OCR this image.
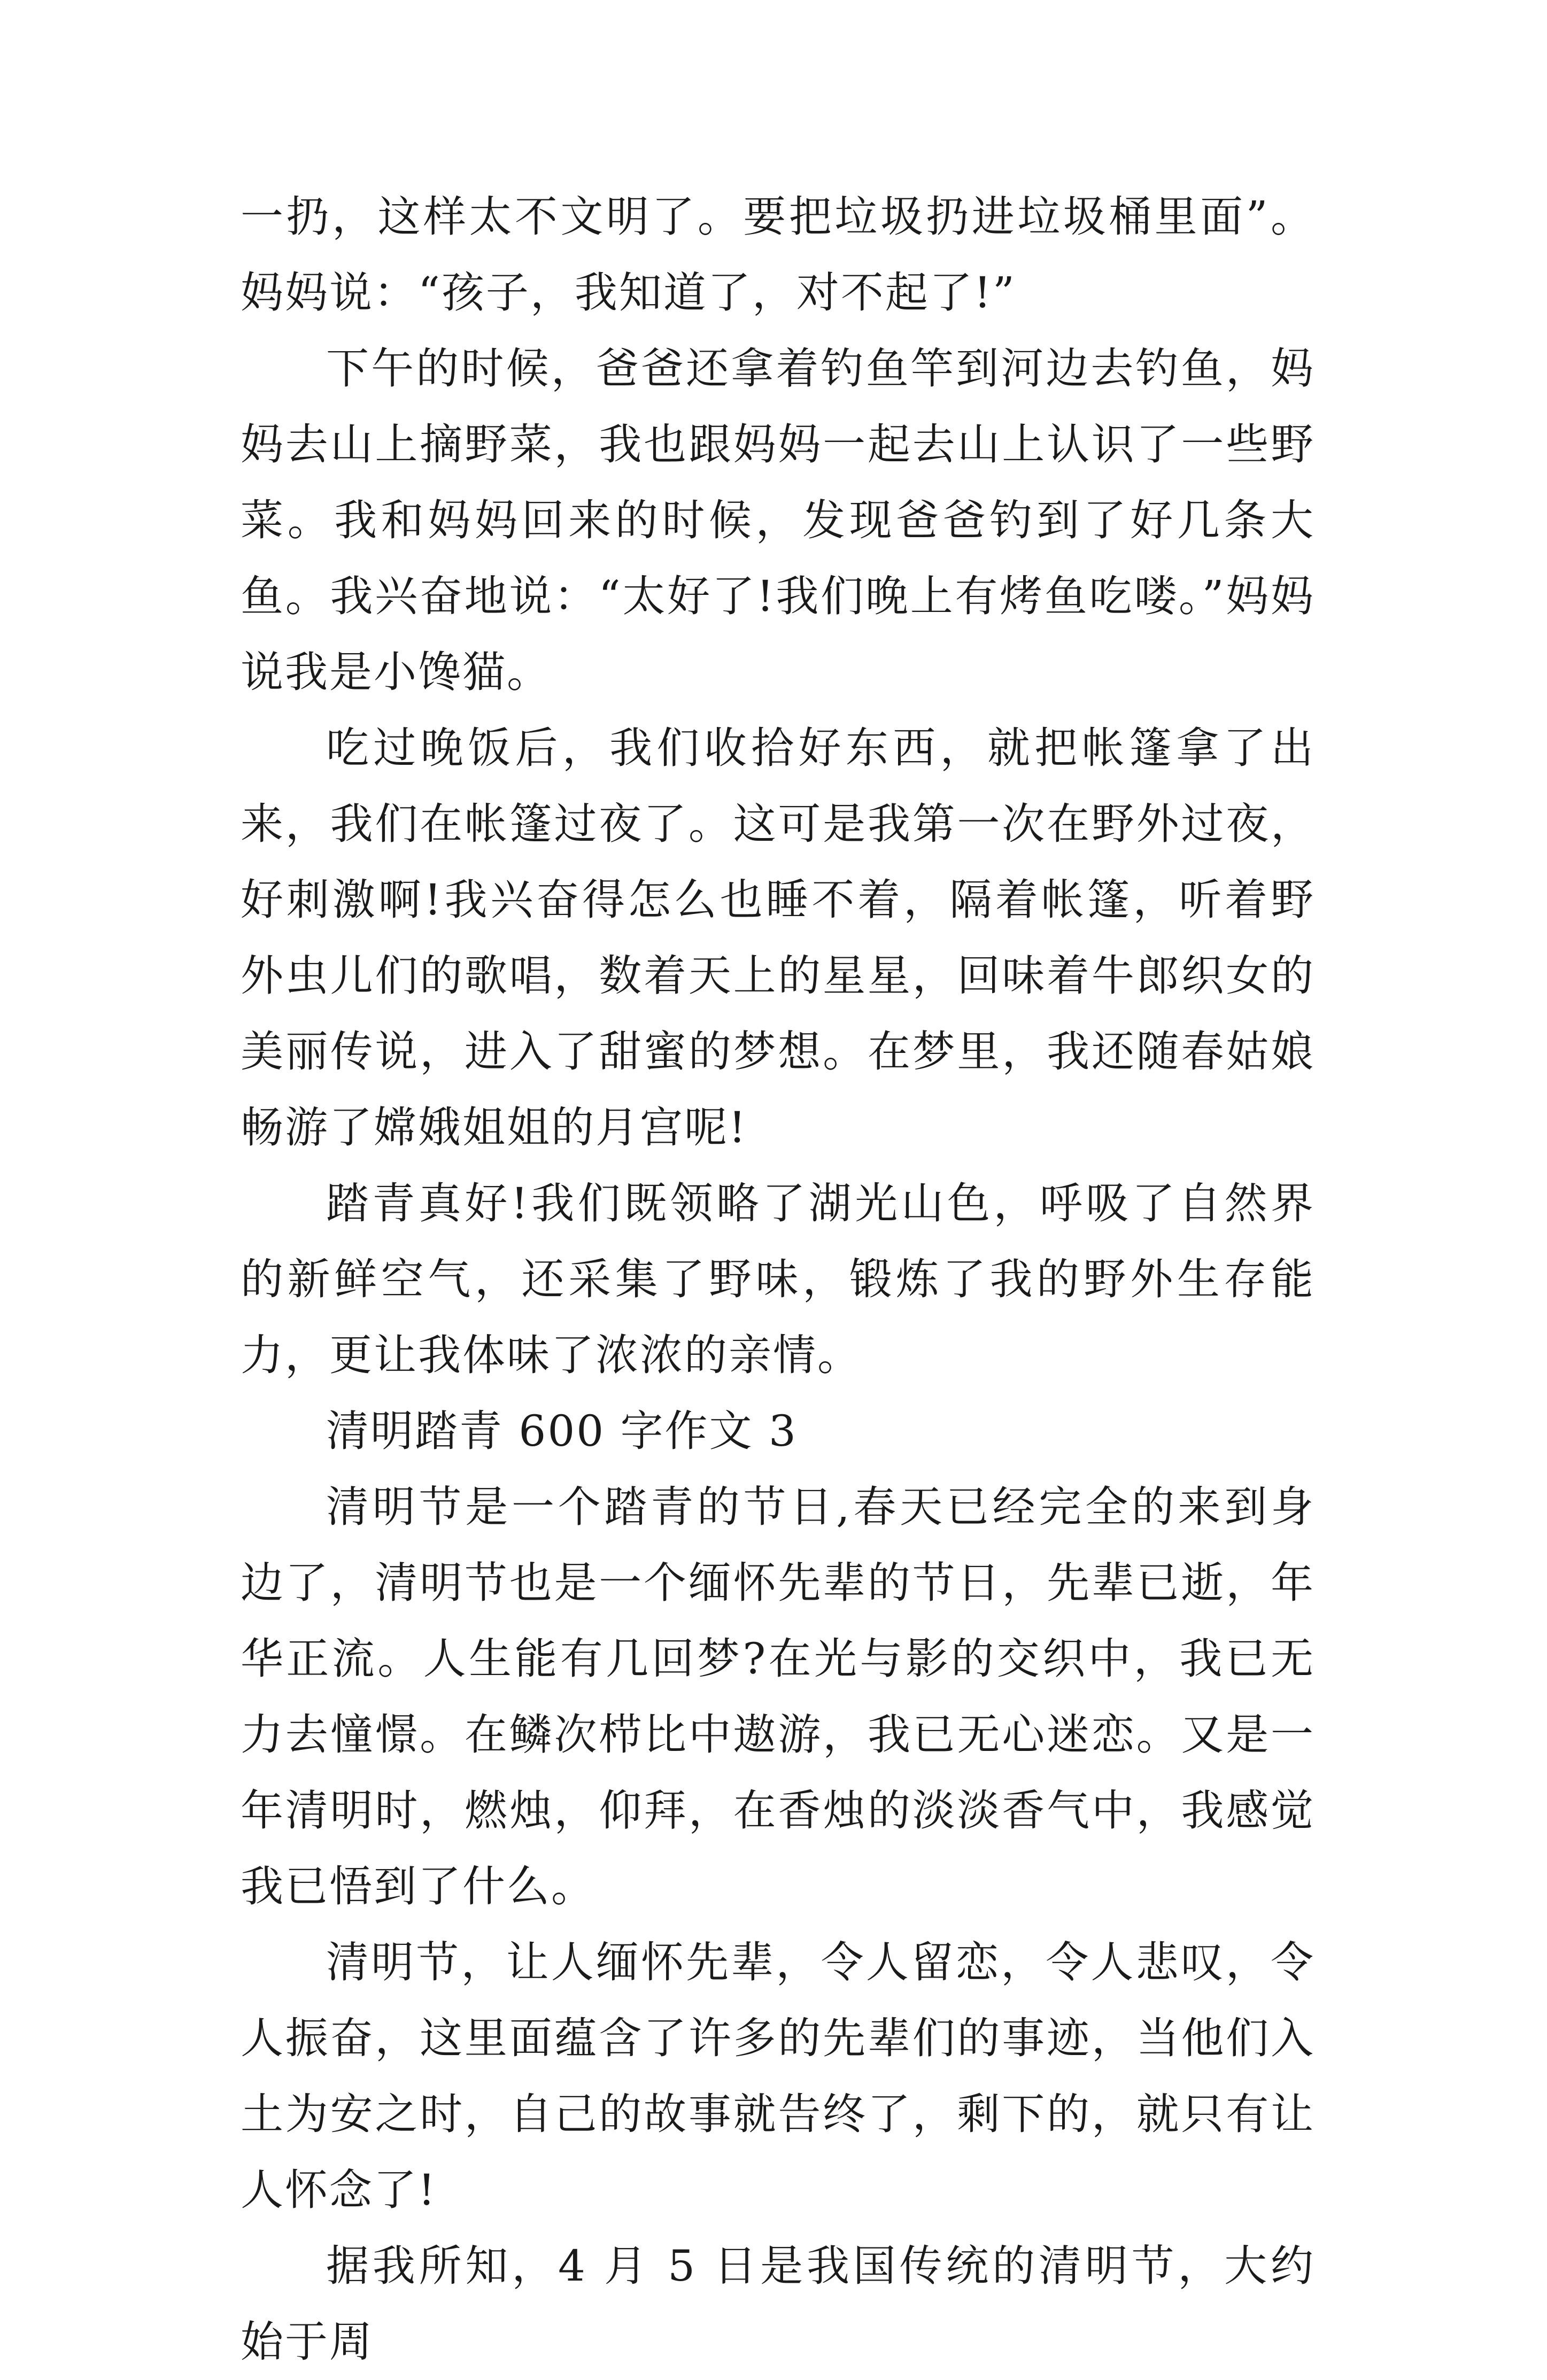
一扔，这样太不文明了。要把垃圾扔进垃圾桶里面”。妈妈说：“孩子，我知道了，对不起了!”

下午的时候，爸爸还拿着钓鱼竿到河边去钓鱼，妈妈去山上摘野菜，我也跟妈妈一起去山上认识了一些野菜。我和妈妈回来的时候，发现爸爸钓到了好几条大鱼。我兴奋地说：“太好了!我们晚上有烤鱼吃喽。”妈妈说我是小馋猫。

吃过晚饭后，我们收拾好东西，就把帐篷拿了出来，我们在帐篷过夜了。这可是我第一次在野外过夜，好刺激啊!我兴奋得怎么也睡不着，隔着帐篷，听着野外虫儿们的歌唱，数着天上的星星，回味着牛郎织女的美丽传说，进入了甜蜜的梦想。在梦里，我还随春姑娘畅游了嫦娥姐姐的月宫呢!

踏青真好!我们既领略了湖光山色，呼吸了自然界的新鲜空气，还采集了野味，锻炼了我的野外生存能力，更让我体味了浓浓的亲情。

清明踏青 600 字作文 3

清明节是一个踏青的节日,春天已经完全的来到身边了，清明节也是一个缅怀先辈的节日，先辈已逝，年华正流。人生能有几回梦?在光与影的交织中，我已无力去憧憬。在鳞次栉比中遨游，我已无心迷恋。又是一年清明时，燃烛，仰拜，在香烛的淡淡香气中，我感觉我已悟到了什么。

清明节，让人缅怀先辈，令人留恋，令人悲叹，令人振奋，这里面蕴含了许多的先辈们的事迹，当他们入土为安之时，自己的故事就告终了，剩下的，就只有让人怀念了!

据我所知，4 月 5 日是我国传统的清明节，大约始于周
